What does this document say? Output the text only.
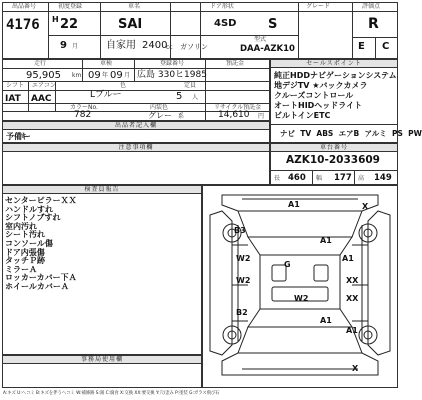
出品番号
4176
初度登録
H 22
9 月
車名
SAI
自家用
ドア形状
4SD
2400
cc ガソリン
グレード
S
型式
DAA-AZK10
評価点
R
E C
走行
95,905 km
車検
09 年 09 月
登録番号
広島 330ヒ1985
預託金
シフト
IAT
エアコン
AAC
色
Lブルー
定員
5 人
カラーNo.	内装色	リサイクル預託金
782	グレー 系	14,610 円
セールスポイント
純正HDDナビゲーションシステム
地デジTV ★バックカメラ
クルーズコントロール
オートHIDヘッドライト
ビルトインETC
ナビ TV ABS エアB アルミ PS PW
出品者記入欄
予備ｷｰ
注意事項欄	車台番号
AZK10-2033609
長 460 幅 177 高 149
検査員報告
センターピラーＸＸ
ハンドルすれ
シフトノブすれ
室内汚れ
シート汚れ
コンソール傷
ドア内張傷
タッチＰ跡
ミラーＡ
ロッカーカバー下Ａ
ホイールカバーＡ
事務局使用欄
A1	X
B3
A1
W2
G
A1
W2	XX
W2	XX
B2
A1
A1
X
A:キズ U:ヘコミ B:キズを伴うヘコミ W:補修跡 S:錆 C:腐食 X:交換 XX:要交換 Y:穴/歪み P:塗装 G:ガラス飛び石
